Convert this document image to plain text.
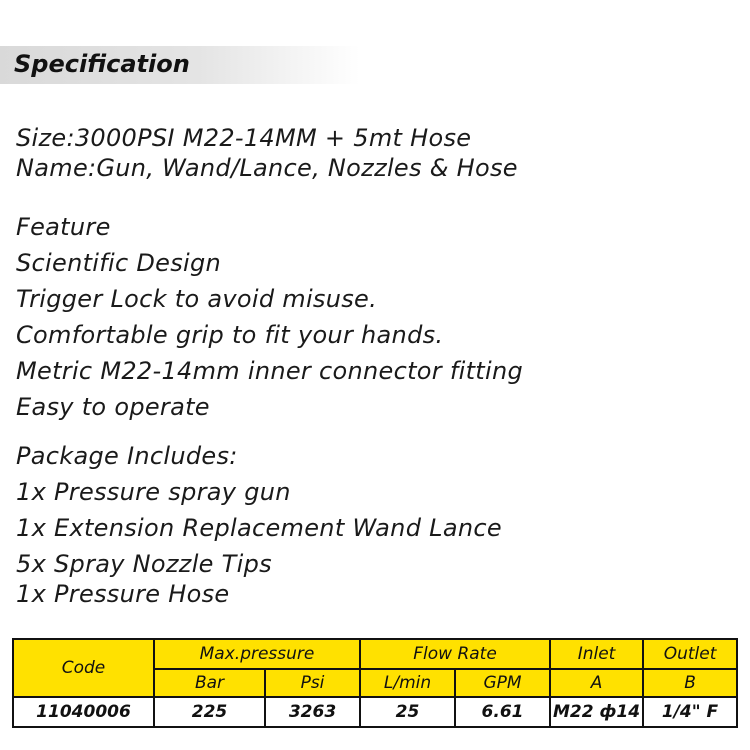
Specification
Size:3000PSI M22-14MM + 5mt Hose
Name:Gun, Wand/Lance, Nozzles & Hose
Feature
Scientific Design
Trigger Lock to avoid misuse.
Comfortable grip to fit your hands.
Metric M22-14mm inner connector fitting
Easy to operate
Package Includes:
1x Pressure spray gun
1x Extension Replacement Wand Lance
5x Spray Nozzle Tips
1x Pressure Hose
Code	Max.pressure		Flow Rate		Inlet	Outlet
	Bar	Psi	L/min	GPM	A	B
11040006	225	3263	25	6.61	M22 ф14	1/4" F
